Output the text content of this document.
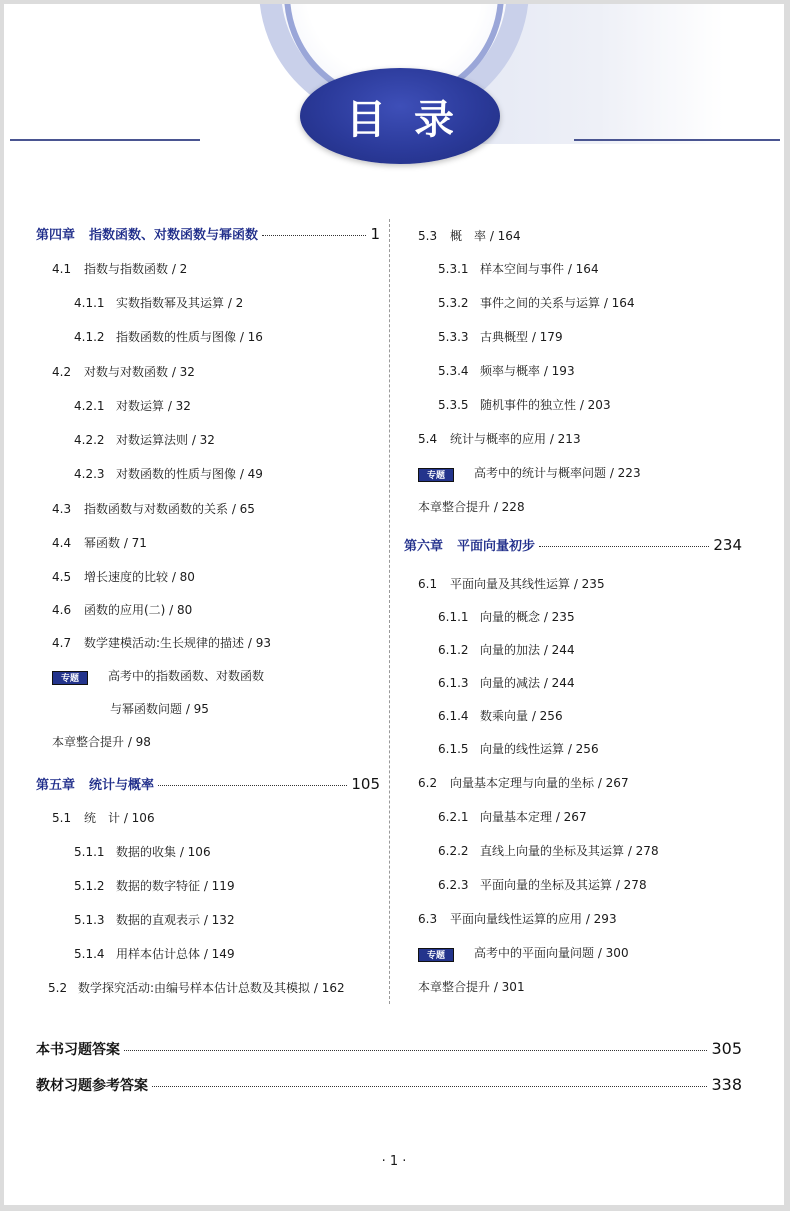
目录
第四章 指数函数、对数函数与幂函数	1
4.1	指数与指数函数 / 2
4.1.1 实数指数幂及其运算 / 2
4.1.2 指数函数的性质与图像 / 16
4.2	对数与对数函数 / 32
4.2.1 对数运算 / 32
4.2.2 对数运算法则 / 32
4.2.3 对数函数的性质与图像 / 49
4.3	指数函数与对数函数的关系 / 65
4.4	幂函数 / 71
4.5	增长速度的比较 / 80
4.6	函数的应用(二) / 80
4.7	数学建模活动:生长规律的描述 / 93
专题	高考中的指数函数、对数函数
与幂函数问题 / 95
本章整合提升 / 98
第五章 统计与概率	105
5.1	统　计 / 106
5.1.1 数据的收集 / 106
5.1.2 数据的数字特征 / 119
5.1.3 数据的直观表示 / 132
5.1.4 用样本估计总体 / 149
5.2 数学探究活动:由编号样本估计总数及其模拟 / 162
5.3	概　率 / 164
5.3.1 样本空间与事件 / 164
5.3.2 事件之间的关系与运算 / 164
5.3.3 古典概型 / 179
5.3.4 频率与概率 / 193
5.3.5 随机事件的独立性 / 203
5.4	统计与概率的应用 / 213
专题	高考中的统计与概率问题 / 223
本章整合提升 / 228
第六章 平面向量初步	234
6.1	平面向量及其线性运算 / 235
6.1.1 向量的概念 / 235
6.1.2 向量的加法 / 244
6.1.3 向量的减法 / 244
6.1.4 数乘向量 / 256
6.1.5 向量的线性运算 / 256
6.2	向量基本定理与向量的坐标 / 267
6.2.1 向量基本定理 / 267
6.2.2 直线上向量的坐标及其运算 / 278
6.2.3 平面向量的坐标及其运算 / 278
6.3	平面向量线性运算的应用 / 293
专题	高考中的平面向量问题 / 300
本章整合提升 / 301
本书习题答案	305
教材习题参考答案	338
· 1 ·
